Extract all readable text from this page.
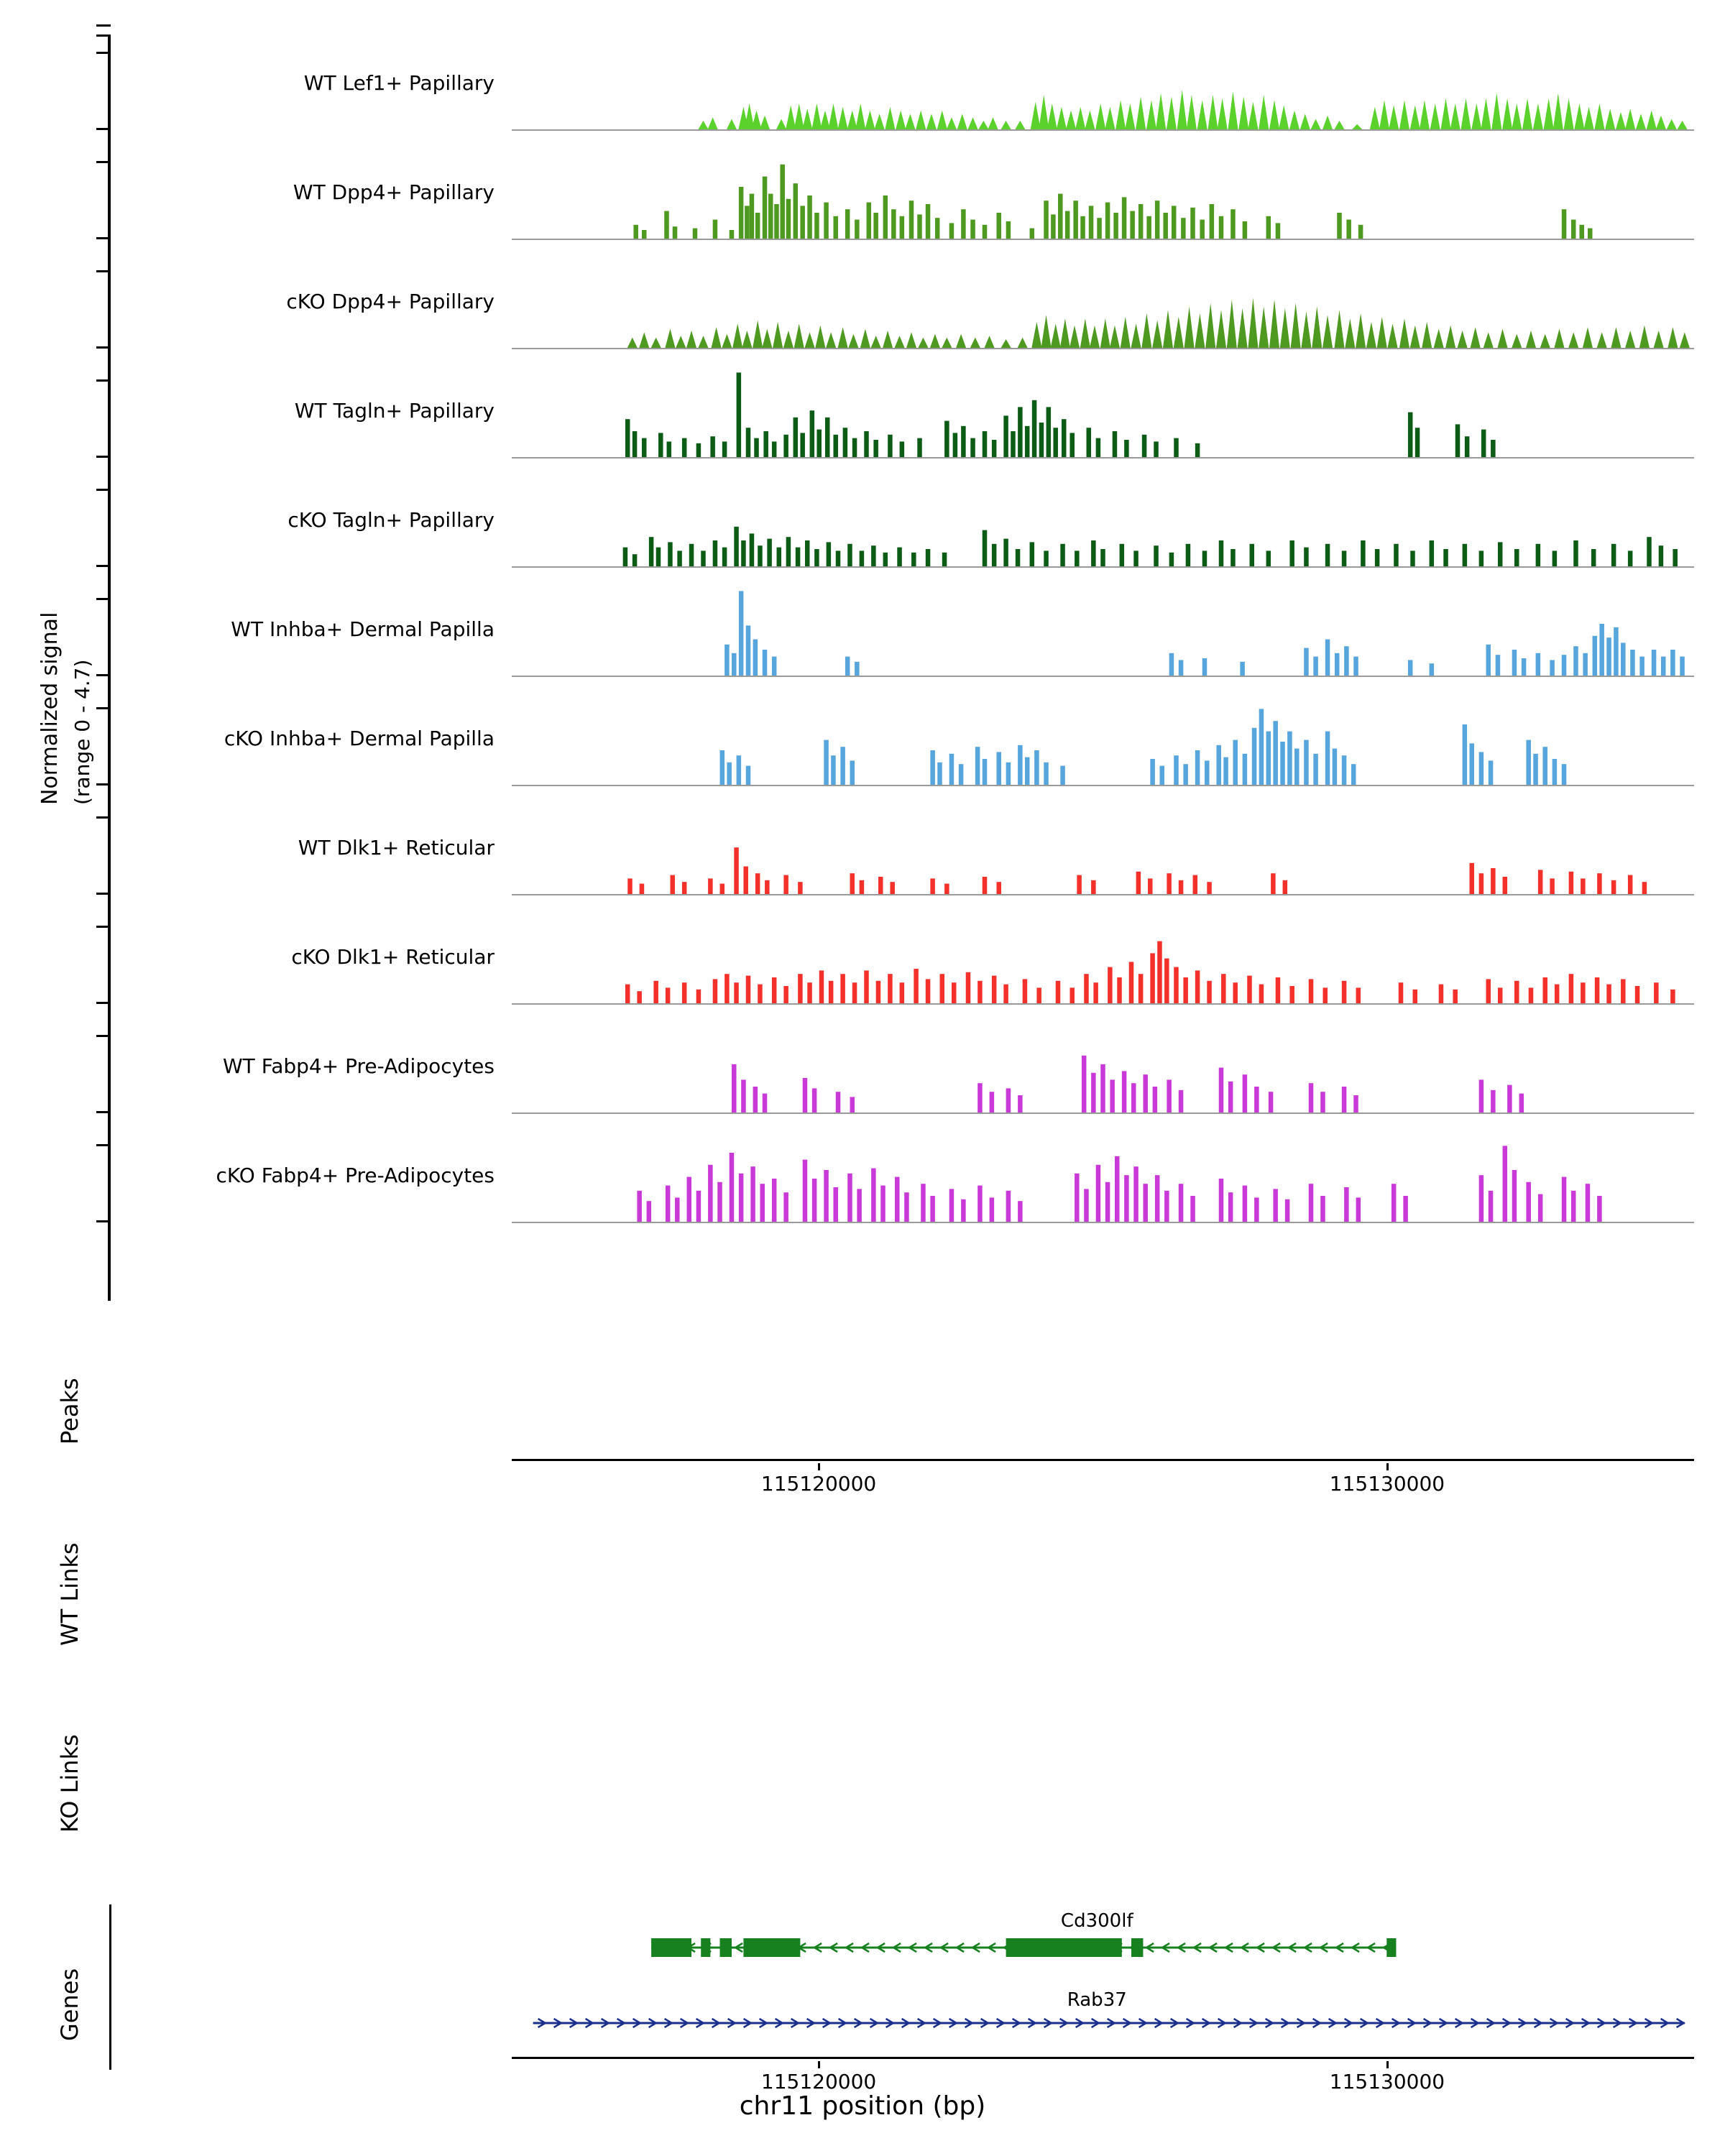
Normalized signal (range 0 - 4.7)
WT Lef1+ Papillary
WT Dpp4+ Papillary
cKO Dpp4+ Papillary
WT Tagln+ Papillary
cKO Tagln+ Papillary
WT Inhba+ Dermal Papilla
cKO Inhba+ Dermal Papilla
WT Dlk1+ Reticular
cKO Dlk1+ Reticular
WT Fabp4+ Pre-Adipocytes
cKO Fabp4+ Pre-Adipocytes
Peaks
115120000	115130000
WT Links
KO Links
Genes
Cd300lf
Rab37
115120000	115130000
chr11 position (bp)
